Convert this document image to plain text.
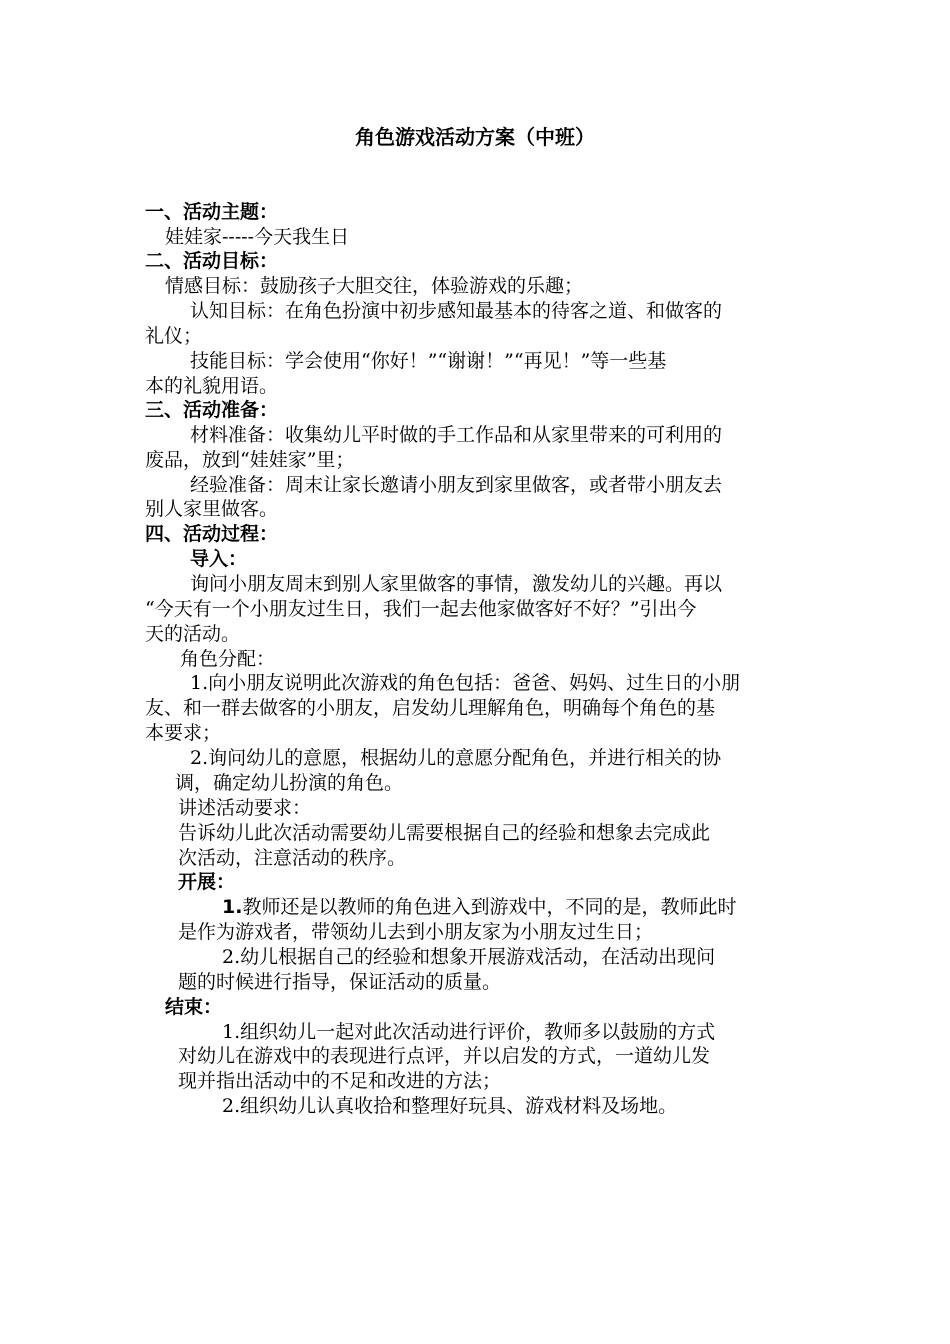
角色游戏活动方案（中班）
一、活动主题：
娃娃家-----今天我生日
二、活动目标：
情感目标：鼓励孩子大胆交往，体验游戏的乐趣；
认知目标：在角色扮演中初步感知最基本的待客之道、和做客的
礼仪；
技能目标：学会使用“你好！”“谢谢！”“再见！”等一些基
本的礼貌用语。
三、活动准备：
材料准备：收集幼儿平时做的手工作品和从家里带来的可利用的
废品，放到“娃娃家”里；
经验准备：周末让家长邀请小朋友到家里做客，或者带小朋友去
别人家里做客。
四、活动过程：
导入：
询问小朋友周末到别人家里做客的事情，激发幼儿的兴趣。再以
“今天有一个小朋友过生日，我们一起去他家做客好不好？”引出今
天的活动。
角色分配：
1.向小朋友说明此次游戏的角色包括：爸爸、妈妈、过生日的小朋
友、和一群去做客的小朋友，启发幼儿理解角色，明确每个角色的基
本要求；
2.询问幼儿的意愿，根据幼儿的意愿分配角色，并进行相关的协
调，确定幼儿扮演的角色。
讲述活动要求：
告诉幼儿此次活动需要幼儿需要根据自己的经验和想象去完成此
次活动，注意活动的秩序。
开展：
1.教师还是以教师的角色进入到游戏中，不同的是，教师此时
是作为游戏者，带领幼儿去到小朋友家为小朋友过生日；
2.幼儿根据自己的经验和想象开展游戏活动，在活动出现问
题的时候进行指导，保证活动的质量。
结束：
1.组织幼儿一起对此次活动进行评价，教师多以鼓励的方式
对幼儿在游戏中的表现进行点评，并以启发的方式，一道幼儿发
现并指出活动中的不足和改进的方法；
2.组织幼儿认真收拾和整理好玩具、游戏材料及场地。
